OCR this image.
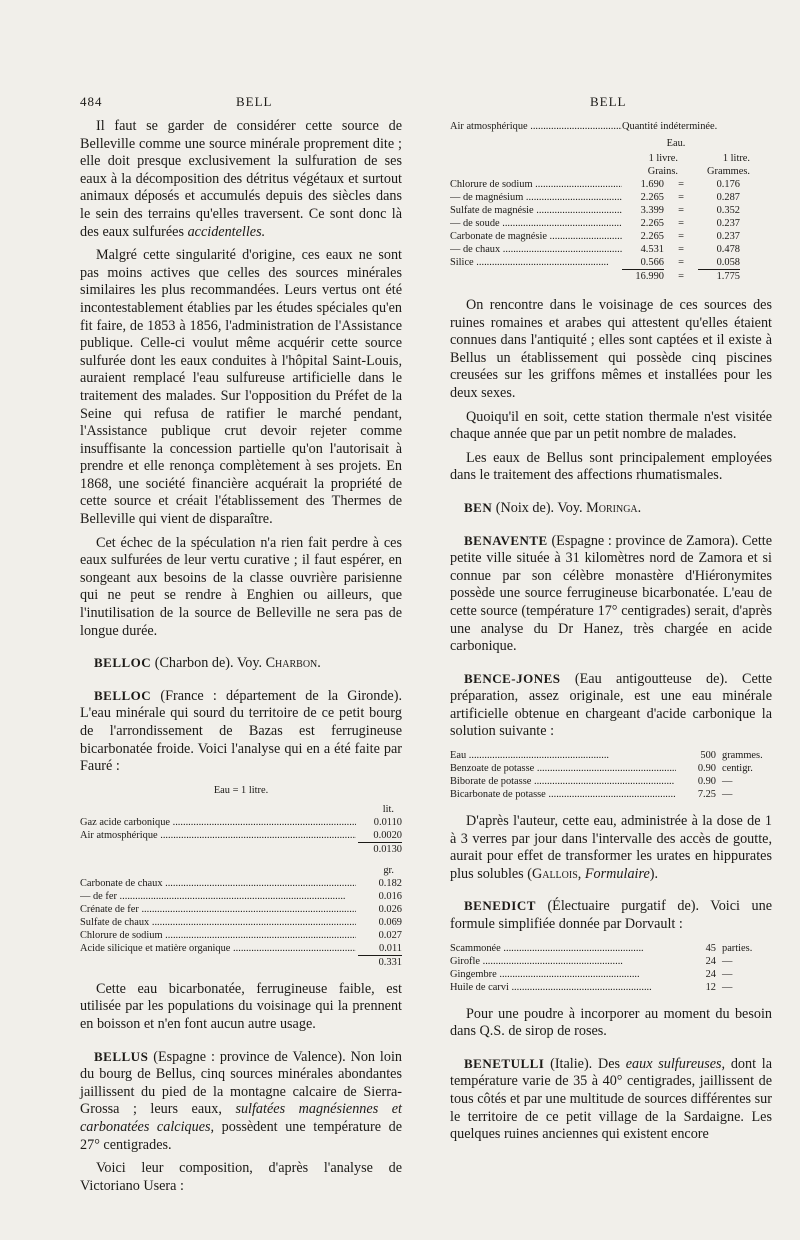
484	BELL	BELL

Il faut se garder de considérer cette source de Belleville comme une source minérale proprement dite ; elle doit presque exclusivement la sulfuration de ses eaux à la décomposition des détritus végétaux et surtout animaux déposés et accumulés depuis des siècles dans le sein des terrains qu'elles traversent. Ce sont donc là des eaux sulfurées accidentelles.

Malgré cette singularité d'origine, ces eaux ne sont pas moins actives que celles des sources minérales similaires les plus recommandées. Leurs vertus ont été incontestablement établies par les études spéciales qu'en fit faire, de 1853 à 1856, l'administration de l'Assistance publique. Celle-ci voulut même acquérir cette source sulfurée dont les eaux conduites à l'hôpital Saint-Louis, auraient remplacé l'eau sulfureuse artificielle dans le traitement des malades. Sur l'opposition du Préfet de la Seine qui refusa de ratifier le marché pendant, l'Assistance publique crut devoir rejeter comme insuffisante la concession partielle qu'on l'autorisait à prendre et elle renonça complètement à ses projets. En 1868, une société financière acquérait la propriété de cette source et créait l'établissement des Thermes de Belleville qui vient de disparaître.

Cet échec de la spéculation n'a rien fait perdre à ces eaux sulfurées de leur vertu curative ; il faut espérer, en songeant aux besoins de la classe ouvrière parisienne qui ne peut se rendre à Enghien ou ailleurs, que l'inutilisation de la source de Belleville ne sera pas de longue durée.

BELLOC (Charbon de). Voy. Charbon.

BELLOC (France : département de la Gironde). L'eau minérale qui sourd du territoire de ce petit bourg de l'arrondissement de Bazas est ferrugineuse bicarbonatée froide. Voici l'analyse qui en a été faite par Fauré :

Eau = 1 litre.
lit.
Gaz acide carbonique .....	0.0110
Air atmosphérique .....	0.0020
0.0130
gr.
Carbonate de chaux .....	0.182
— de fer .....	0.016
Crénate de fer .....	0.026
Sulfate de chaux .....	0.069
Chlorure de sodium .....	0.027
Acide silicique et matière organique .....	0.011
0.331

Cette eau bicarbonatée, ferrugineuse faible, est utilisée par les populations du voisinage qui la prennent en boisson et n'en font aucun autre usage.

BELLUS (Espagne : province de Valence). Non loin du bourg de Bellus, cinq sources minérales abondantes jaillissent du pied de la montagne calcaire de Sierra-Grossa ; leurs eaux, sulfatées magnésiennes et carbonatées calciques, possèdent une température de 27° centigrades.

Voici leur composition, d'après l'analyse de Victoriano Usera :

Air atmosphérique .....	Quantité indéterminée.
Eau.
1 livre.	1 litre.
Grains.	Grammes.
Chlorure de sodium .....	1.690	=	0.176
— de magnésium .....	2.265	=	0.287
Sulfate de magnésie .....	3.399	=	0.352
— de soude .....	2.265	=	0.237
Carbonate de magnésie .....	2.265	=	0.237
— de chaux .....	4.531	=	0.478
Silice .....	0.566	=	0.058
16.990	=	1.775

On rencontre dans le voisinage de ces sources des ruines romaines et arabes qui attestent qu'elles étaient connues dans l'antiquité ; elles sont captées et il existe à Bellus un établissement qui possède cinq piscines creusées sur les griffons mêmes et installées pour les deux sexes.

Quoiqu'il en soit, cette station thermale n'est visitée chaque année que par un petit nombre de malades.

Les eaux de Bellus sont principalement employées dans le traitement des affections rhumatismales.

BEN (Noix de). Voy. Moringa.

BENAVENTE (Espagne : province de Zamora). Cette petite ville située à 31 kilomètres nord de Zamora et si connue par son célèbre monastère d'Hiéronymites possède une source ferrugineuse bicarbonatée. L'eau de cette source (température 17° centigrades) serait, d'après une analyse du Dr Hanez, très chargée en acide carbonique.

BENCE-JONES (Eau antigoutteuse de). Cette préparation, assez originale, est une eau minérale artificielle obtenue en chargeant d'acide carbonique la solution suivante :

Eau .....	500 grammes.
Benzoate de potasse .....	0.90 centigr.
Biborate de potasse .....	0.90 —
Bicarbonate de potasse .....	7.25 —

D'après l'auteur, cette eau, administrée à la dose de 1 à 3 verres par jour dans l'intervalle des accès de goutte, aurait pour effet de transformer les urates en hippurates plus solubles (Gallois, Formulaire).

BENEDICT (Électuaire purgatif de). Voici une formule simplifiée donnée par Dorvault :

Scammonée .....	45 parties.
Girofle .....	24 —
Gingembre .....	24 —
Huile de carvi .....	12 —

Pour une poudre à incorporer au moment du besoin dans Q.S. de sirop de roses.

BENETULLI (Italie). Des eaux sulfureuses, dont la température varie de 35 à 40° centigrades, jaillissent de tous côtés et par une multitude de sources différentes sur le territoire de ce petit village de la Sardaigne. Les quelques ruines anciennes qui existent encore
